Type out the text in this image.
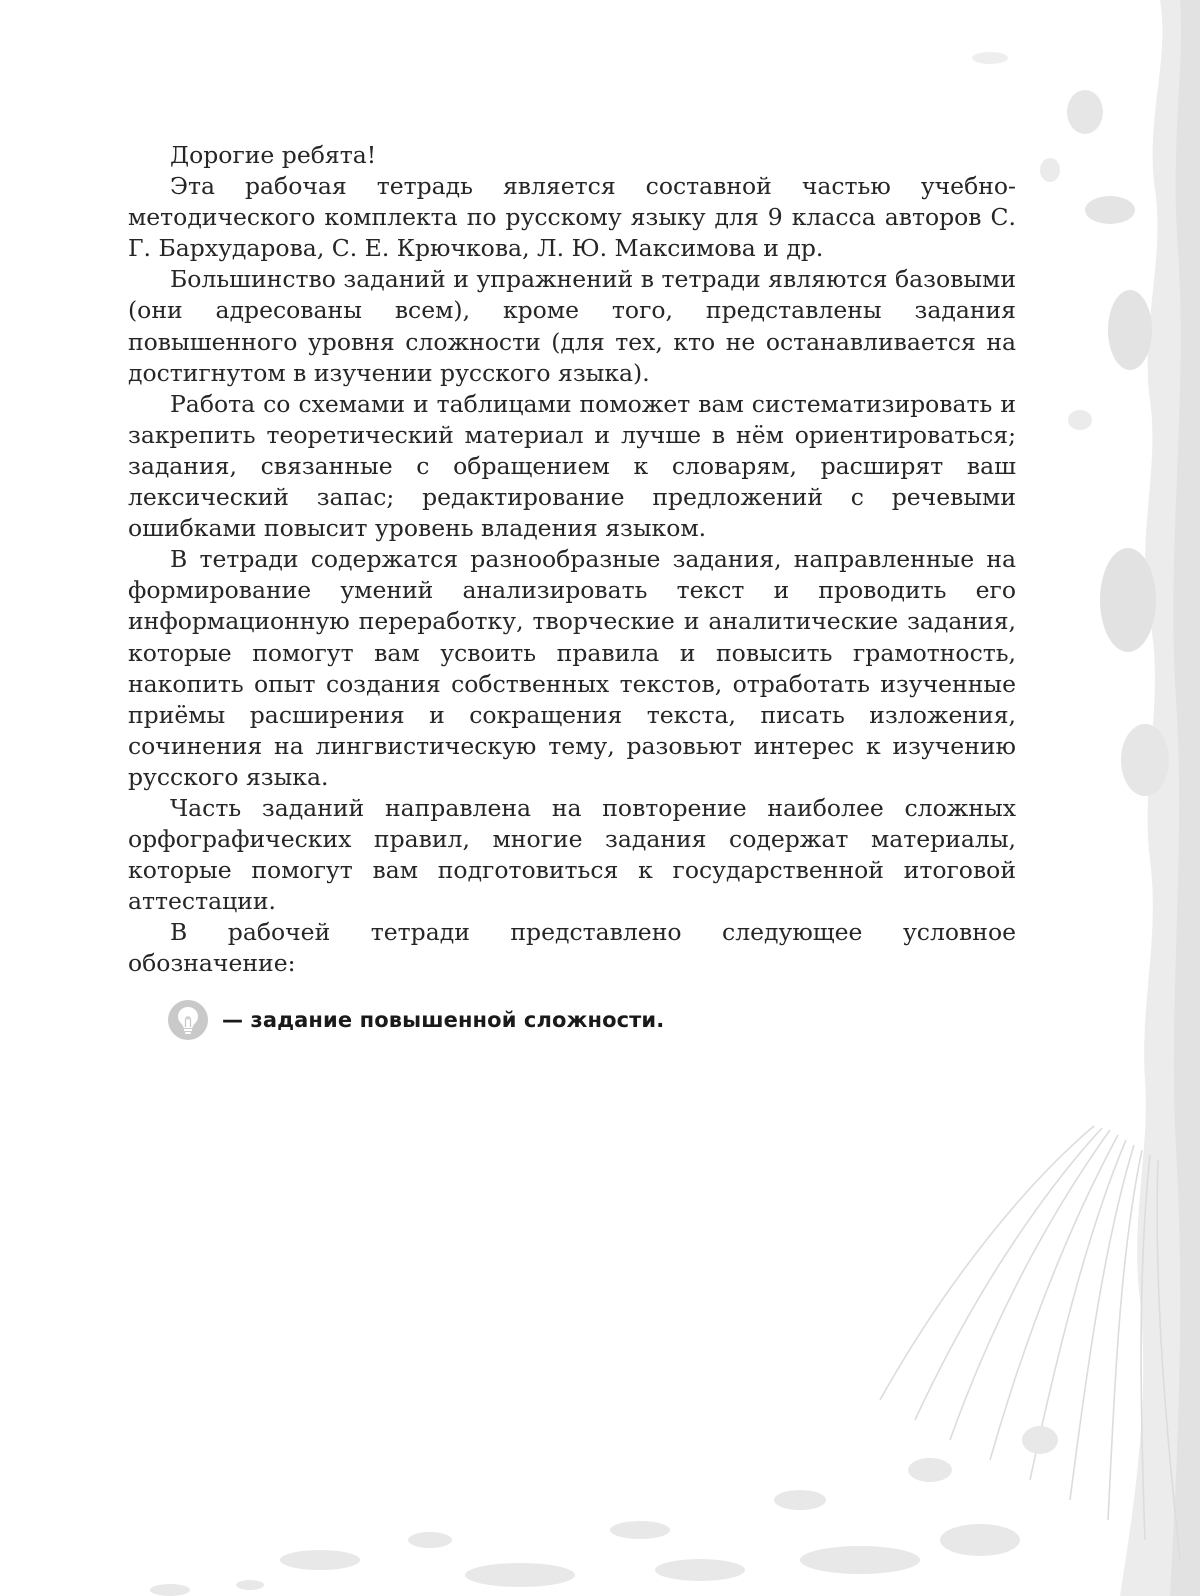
Дорогие ребята!

Эта рабочая тетрадь является составной частью учебно-методического комплекта по русскому языку для 9 класса авторов С. Г. Бархударова, С. Е. Крючкова, Л. Ю. Максимова и др.

Большинство заданий и упражнений в тетради являются базовыми (они адресованы всем), кроме того, представлены задания повышенного уровня сложности (для тех, кто не останавливается на достигнутом в изучении русского языка).

Работа со схемами и таблицами поможет вам систематизировать и закрепить теоретический материал и лучше в нём ориентироваться; задания, связанные с обращением к словарям, расширят ваш лексический запас; редактирование предложений с речевыми ошибками повысит уровень владения языком.

В тетради содержатся разнообразные задания, направленные на формирование умений анализировать текст и проводить его информационную переработку, творческие и аналитические задания, которые помогут вам усвоить правила и повысить грамотность, накопить опыт создания собственных текстов, отработать изученные приёмы расширения и сокращения текста, писать изложения, сочинения на лингвистическую тему, разовьют интерес к изучению русского языка.

Часть заданий направлена на повторение наиболее сложных орфографических правил, многие задания содержат материалы, которые помогут вам подготовиться к государственной итоговой аттестации.

В рабочей тетради представлено следующее условное обозначение:

— задание повышенной сложности.
